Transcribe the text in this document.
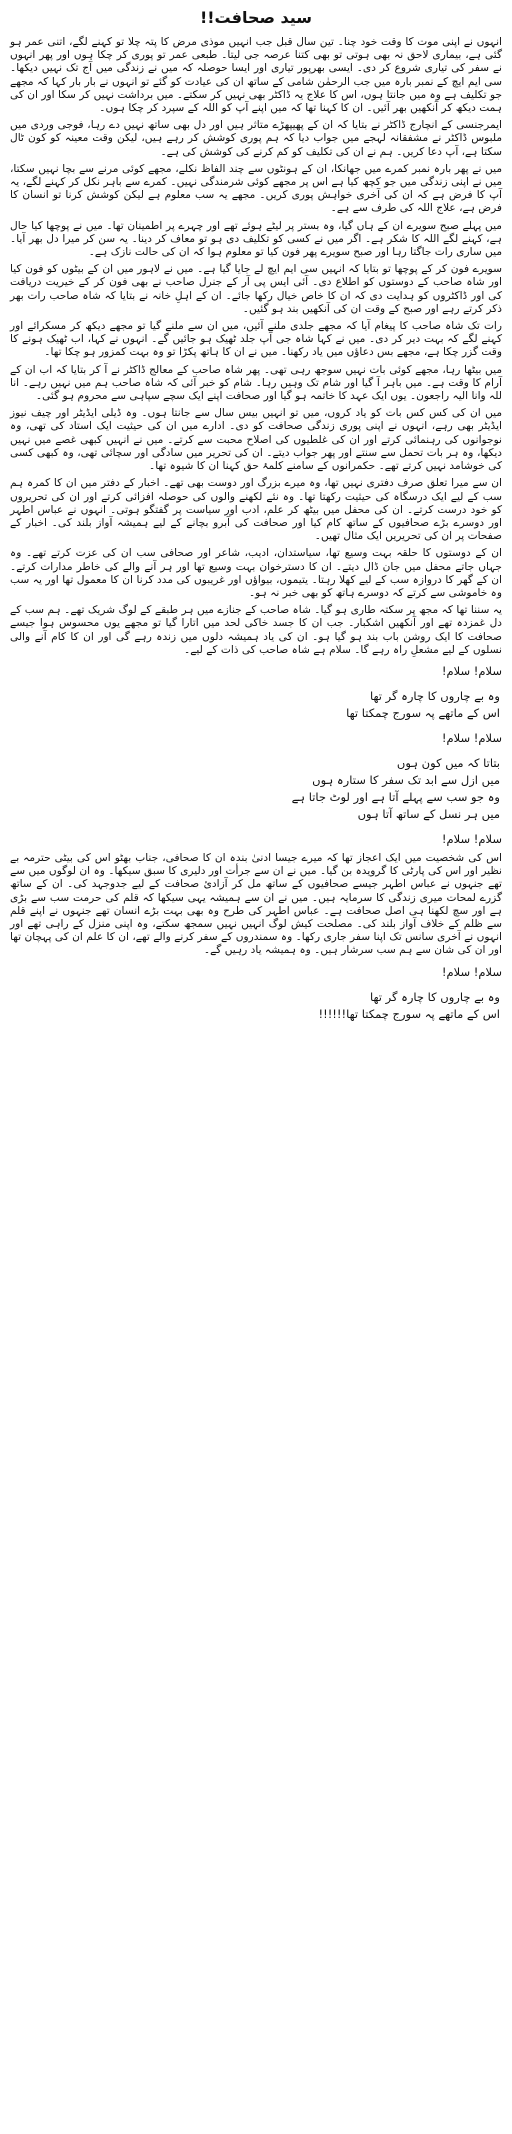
سید صحافت!!

انہوں نے اپنی موت کا وقت خود چنا۔ تین سال قبل جب انہیں موذی مرض کا پتہ چلا تو کہنے لگے، اتنی عمر ہو گئی ہے، بیماری لاحق نہ بھی ہوتی تو بھی کتنا عرصہ جی لیتا۔ طبعی عمر تو پوری کر چکا ہوں اور پھر انہوں نے سفر کی تیاری شروع کر دی۔ ایسی بھرپور تیاری اور ایسا حوصلہ کہ میں نے زندگی میں آج تک نہیں دیکھا۔ سی ایم ایچ کے نمبر بارہ میں جب الرحمٰن شامی کے ساتھ ان کی عیادت کو گئے تو انہوں نے بار بار کہا کہ مجھے جو تکلیف ہے وہ میں جانتا ہوں، اس کا علاج یہ ڈاکٹر بھی نہیں کر سکتے۔ میں برداشت نہیں کر سکا اور ان کی ہمت دیکھ کر آنکھیں بھر آئیں۔ ان کا کہنا تھا کہ میں اپنے آپ کو اللہ کے سپرد کر چکا ہوں۔

ایمرجنسی کے انچارج ڈاکٹر نے بتایا کہ ان کے پھیپھڑے متاثر ہیں اور دل بھی ساتھ نہیں دے رہا، فوجی وردی میں ملبوس ڈاکٹر نے مشفقانہ لہجے میں جواب دیا کہ ہم پوری کوشش کر رہے ہیں، لیکن وقت معینہ کو کون ٹال سکتا ہے، آپ دعا کریں۔ ہم نے ان کی تکلیف کو کم کرنے کی کوشش کی ہے۔

میں نے پھر بارہ نمبر کمرے میں جھانکا، ان کے ہونٹوں سے چند الفاظ نکلے، مجھے کوئی مرنے سے بچا نہیں سکتا، میں نے اپنی زندگی میں جو کچھ کیا ہے اس پر مجھے کوئی شرمندگی نہیں۔ کمرے سے باہر نکل کر کہنے لگے، یہ آپ کا فرض ہے کہ ان کی آخری خواہش پوری کریں۔ مجھے یہ سب معلوم ہے لیکن کوشش کرنا تو انسان کا فرض ہے، علاج اللہ کی طرف سے ہے۔

میں پہلے صبح سویرے ان کے ہاں گیا، وہ بستر پر لیٹے ہوئے تھے اور چہرے پر اطمینان تھا۔ میں نے پوچھا کیا حال ہے، کہنے لگے اللہ کا شکر ہے۔ اگر میں نے کسی کو تکلیف دی ہو تو معاف کر دینا۔ یہ سن کر میرا دل بھر آیا۔ میں ساری رات جاگتا رہا اور صبح سویرے پھر فون کیا تو معلوم ہوا کہ ان کی حالت نازک ہے۔

سویرے فون کر کے پوچھا تو بتایا کہ انہیں سی ایم ایچ لے جایا گیا ہے۔ میں نے لاہور میں ان کے بیٹوں کو فون کیا اور شاہ صاحب کے دوستوں کو اطلاع دی۔ آئی ایس پی آر کے جنرل صاحب نے بھی فون کر کے خیریت دریافت کی اور ڈاکٹروں کو ہدایت دی کہ ان کا خاص خیال رکھا جائے۔ ان کے اہلِ خانہ نے بتایا کہ شاہ صاحب رات بھر ذکر کرتے رہے اور صبح کے وقت ان کی آنکھیں بند ہو گئیں۔

رات تک شاہ صاحب کا پیغام آیا کہ مجھے جلدی ملنے آئیں، میں ان سے ملنے گیا تو مجھے دیکھ کر مسکرائے اور کہنے لگے کہ بہت دیر کر دی۔ میں نے کہا شاہ جی آپ جلد ٹھیک ہو جائیں گے۔ انہوں نے کہا، اب ٹھیک ہونے کا وقت گزر چکا ہے، مجھے بس دعاؤں میں یاد رکھنا۔ میں نے ان کا ہاتھ پکڑا تو وہ بہت کمزور ہو چکا تھا۔

میں بیٹھا رہا، مجھے کوئی بات نہیں سوجھ رہی تھی۔ پھر شاہ صاحب کے معالج ڈاکٹر نے آ کر بتایا کہ اب ان کے آرام کا وقت ہے۔ میں باہر آ گیا اور شام تک وہیں رہا۔ شام کو خبر آئی کہ شاہ صاحب ہم میں نہیں رہے۔ انا للہ وانا الیہ راجعون۔ یوں ایک عہد کا خاتمہ ہو گیا اور صحافت اپنے ایک سچے سپاہی سے محروم ہو گئی۔

میں ان کی کس کس بات کو یاد کروں، میں تو انہیں بیس سال سے جانتا ہوں۔ وہ ڈیلی ایڈیٹر اور چیف نیوز ایڈیٹر بھی رہے، انہوں نے اپنی پوری زندگی صحافت کو دی۔ ادارے میں ان کی حیثیت ایک استاد کی تھی، وہ نوجوانوں کی رہنمائی کرتے اور ان کی غلطیوں کی اصلاح محبت سے کرتے۔ میں نے انہیں کبھی غصے میں نہیں دیکھا، وہ ہر بات تحمل سے سنتے اور پھر جواب دیتے۔ ان کی تحریر میں سادگی اور سچائی تھی، وہ کبھی کسی کی خوشامد نہیں کرتے تھے۔ حکمرانوں کے سامنے کلمۂ حق کہنا ان کا شیوہ تھا۔

ان سے میرا تعلق صرف دفتری نہیں تھا، وہ میرے بزرگ اور دوست بھی تھے۔ اخبار کے دفتر میں ان کا کمرہ ہم سب کے لیے ایک درسگاہ کی حیثیت رکھتا تھا۔ وہ نئے لکھنے والوں کی حوصلہ افزائی کرتے اور ان کی تحریروں کو خود درست کرتے۔ ان کی محفل میں بیٹھ کر علم، ادب اور سیاست پر گفتگو ہوتی۔ انہوں نے عباس اطہر اور دوسرے بڑے صحافیوں کے ساتھ کام کیا اور صحافت کی آبرو بچانے کے لیے ہمیشہ آواز بلند کی۔ اخبار کے صفحات پر ان کی تحریریں ایک مثال تھیں۔

ان کے دوستوں کا حلقہ بہت وسیع تھا، سیاستدان، ادیب، شاعر اور صحافی سب ان کی عزت کرتے تھے۔ وہ جہاں جاتے محفل میں جان ڈال دیتے۔ ان کا دسترخوان بہت وسیع تھا اور ہر آنے والے کی خاطر مدارات کرتے۔ ان کے گھر کا دروازہ سب کے لیے کھلا رہتا۔ یتیموں، بیواؤں اور غریبوں کی مدد کرنا ان کا معمول تھا اور یہ سب وہ خاموشی سے کرتے کہ دوسرے ہاتھ کو بھی خبر نہ ہو۔

یہ سننا تھا کہ مجھ پر سکتہ طاری ہو گیا۔ شاہ صاحب کے جنازے میں ہر طبقے کے لوگ شریک تھے۔ ہم سب کے دل غمزدہ تھے اور آنکھیں اشکبار۔ جب ان کا جسد خاکی لحد میں اتارا گیا تو مجھے یوں محسوس ہوا جیسے صحافت کا ایک روشن باب بند ہو گیا ہو۔ ان کی یاد ہمیشہ دلوں میں زندہ رہے گی اور ان کا کام آنے والی نسلوں کے لیے مشعلِ راہ رہے گا۔ سلام ہے شاہ صاحب کی ذات کے لیے۔

سلام! سلام!
وہ بے چاروں کا چارہ گر تھا
اس کے ماتھے پہ سورج چمکتا تھا
سلام! سلام!
بتاتا کہ میں کون ہوں
میں ازل سے ابد تک سفر کا ستارہ ہوں
وہ جو سب سے پہلے آتا ہے اور لوٹ جاتا ہے
میں ہر نسل کے ساتھ آتا ہوں
سلام! سلام!

اس کی شخصیت میں ایک اعجاز تھا کہ میرے جیسا ادنیٰ بندہ ان کا صحافی، جناب بھٹو اس کی بیٹی حترمہ بے نظیر اور اس کی پارٹی کا گرویدہ بن گیا۔ میں نے ان سے جرأت اور دلیری کا سبق سیکھا۔ وہ ان لوگوں میں سے تھے جنہوں نے عباس اطہر جیسے صحافیوں کے ساتھ مل کر آزادیٔ صحافت کے لیے جدوجہد کی۔ ان کے ساتھ گزرے لمحات میری زندگی کا سرمایہ ہیں۔ میں نے ان سے ہمیشہ یہی سیکھا کہ قلم کی حرمت سب سے بڑی ہے اور سچ لکھنا ہی اصل صحافت ہے۔ عباس اطہر کی طرح وہ بھی بہت بڑے انسان تھے جنہوں نے اپنے قلم سے ظلم کے خلاف آواز بلند کی۔ مصلحت کیش لوگ انہیں نہیں سمجھ سکتے، وہ اپنی منزل کے راہی تھے اور انہوں نے آخری سانس تک اپنا سفر جاری رکھا۔ وہ سمندروں کے سفر کرنے والے تھے، ان کا علم ان کی پہچان تھا اور ان کی شان سے ہم سب سرشار ہیں۔ وہ ہمیشہ یاد رہیں گے۔

سلام! سلام!
وہ بے چاروں کا چارہ گر تھا
اس کے ماتھے پہ سورج چمکتا تھا!!!!!!
